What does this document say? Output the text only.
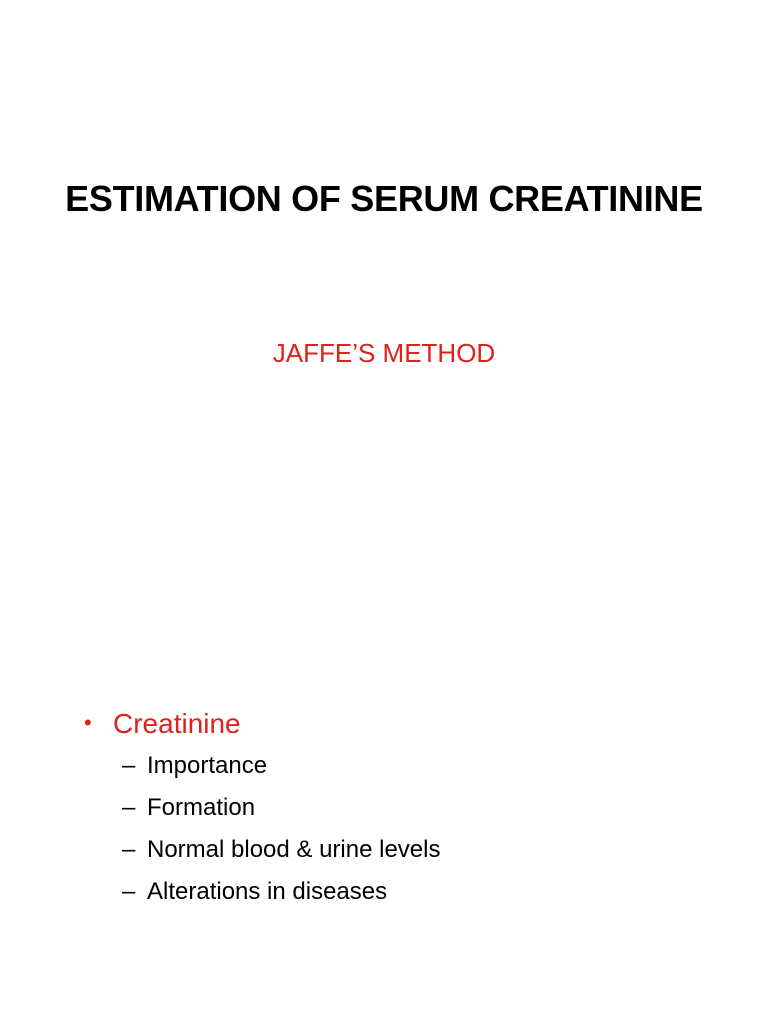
ESTIMATION OF SERUM CREATININE
JAFFE’S METHOD
• Creatinine
– Importance
– Formation
– Normal blood & urine levels
– Alterations in diseases
